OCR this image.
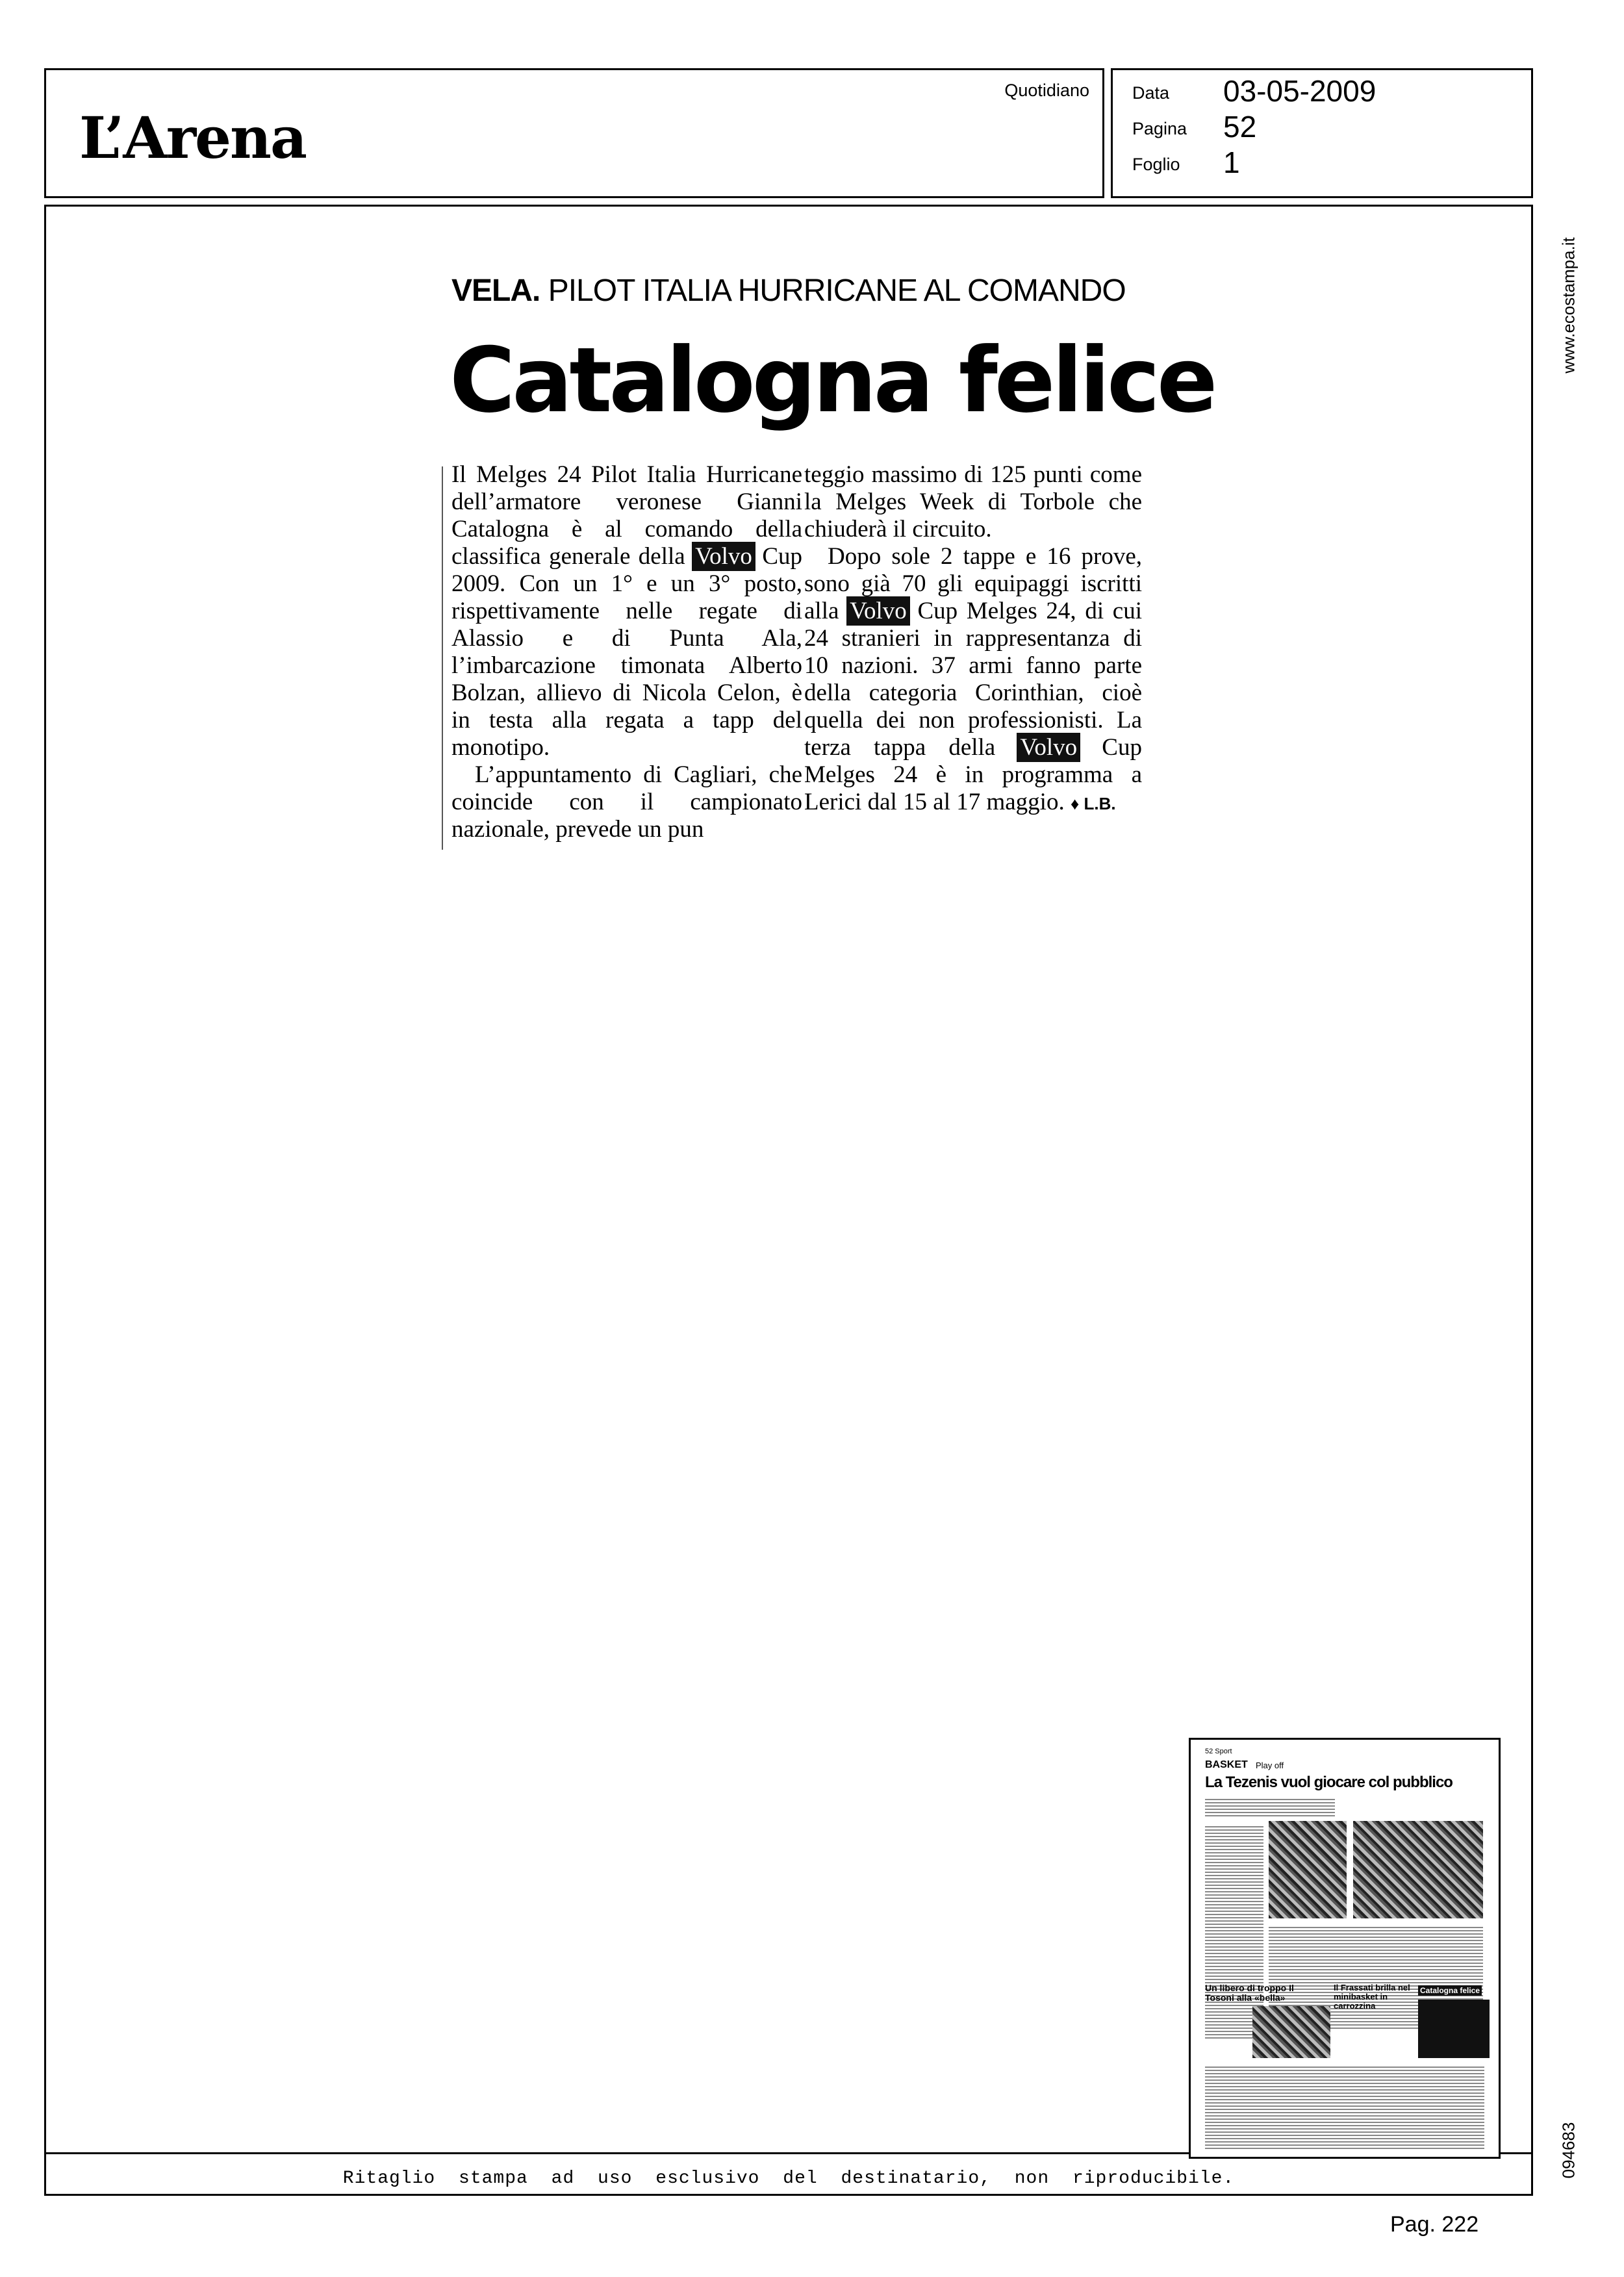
Quotidiano
L’Arena
Data 03-05-2009
Pagina 52
Foglio 1
Ritaglio stampa ad uso esclusivo del destinatario, non riproducibile.
www.ecostampa.it
094683
VELA. PILOT ITALIA HURRICANE AL COMANDO
Catalogna felice

Il Melges 24 Pilot Italia Hurricane dell’armatore veronese Gianni Catalogna è al comando della classifica generale della Volvo Cup 2009. Con un 1° e un 3° posto, rispettivamente nelle regate di Alassio e di Punta Ala, l’imbarcazione timonata Alberto Bolzan, allievo di Nicola Celon, è in testa alla regata a tapp del monotipo.

L’appuntamento di Cagliari, che coincide con il campionato nazionale, prevede un pun

teggio massimo di 125 punti come la Melges Week di Torbole che chiuderà il circuito.

Dopo sole 2 tappe e 16 prove, sono già 70 gli equipaggi iscritti alla Volvo Cup Melges 24, di cui 24 stranieri in rappresentanza di 10 nazioni. 37 armi fanno parte della categoria Corinthian, cioè quella dei non professionisti. La terza tappa della Volvo Cup Melges 24 è in programma a Lerici dal 15 al 17 maggio. ♦ L.B.

52 Sport
BASKET Play off
La Tezenis vuol giocare col pubblico
Un libero di troppo Il Tosoni alla «bella»
Il Frassati brilla nel minibasket in carrozzina
Catalogna felice
Pag. 222
